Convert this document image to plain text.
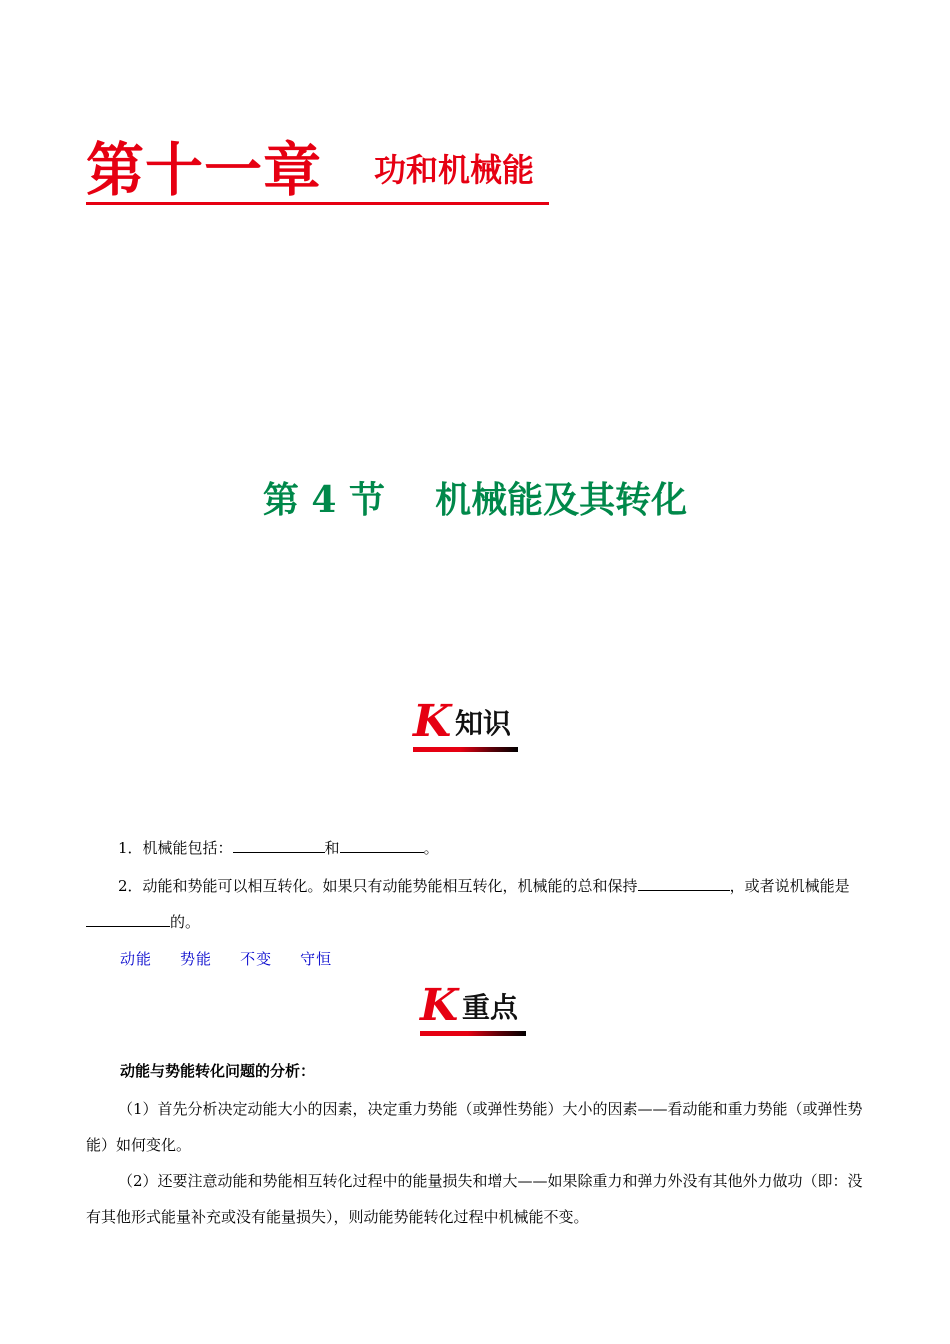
第十一章 功和机械能
第 4 节 机械能及其转化
K 知识
1．机械能包括：	和	。
2．动能和势能可以相互转化。如果只有动能势能相互转化，机械能的总和保持	，或者说机械能是的。
动能 势能 不变 守恒
K 重点
动能与势能转化问题的分析：
（1）首先分析决定动能大小的因素，决定重力势能（或弹性势能）大小的因素——看动能和重力势能（或弹性势能）如何变化。
（2）还要注意动能和势能相互转化过程中的能量损失和增大——如果除重力和弹力外没有其他外力做功（即：没有其他形式能量补充或没有能量损失），则动能势能转化过程中机械能不变。
